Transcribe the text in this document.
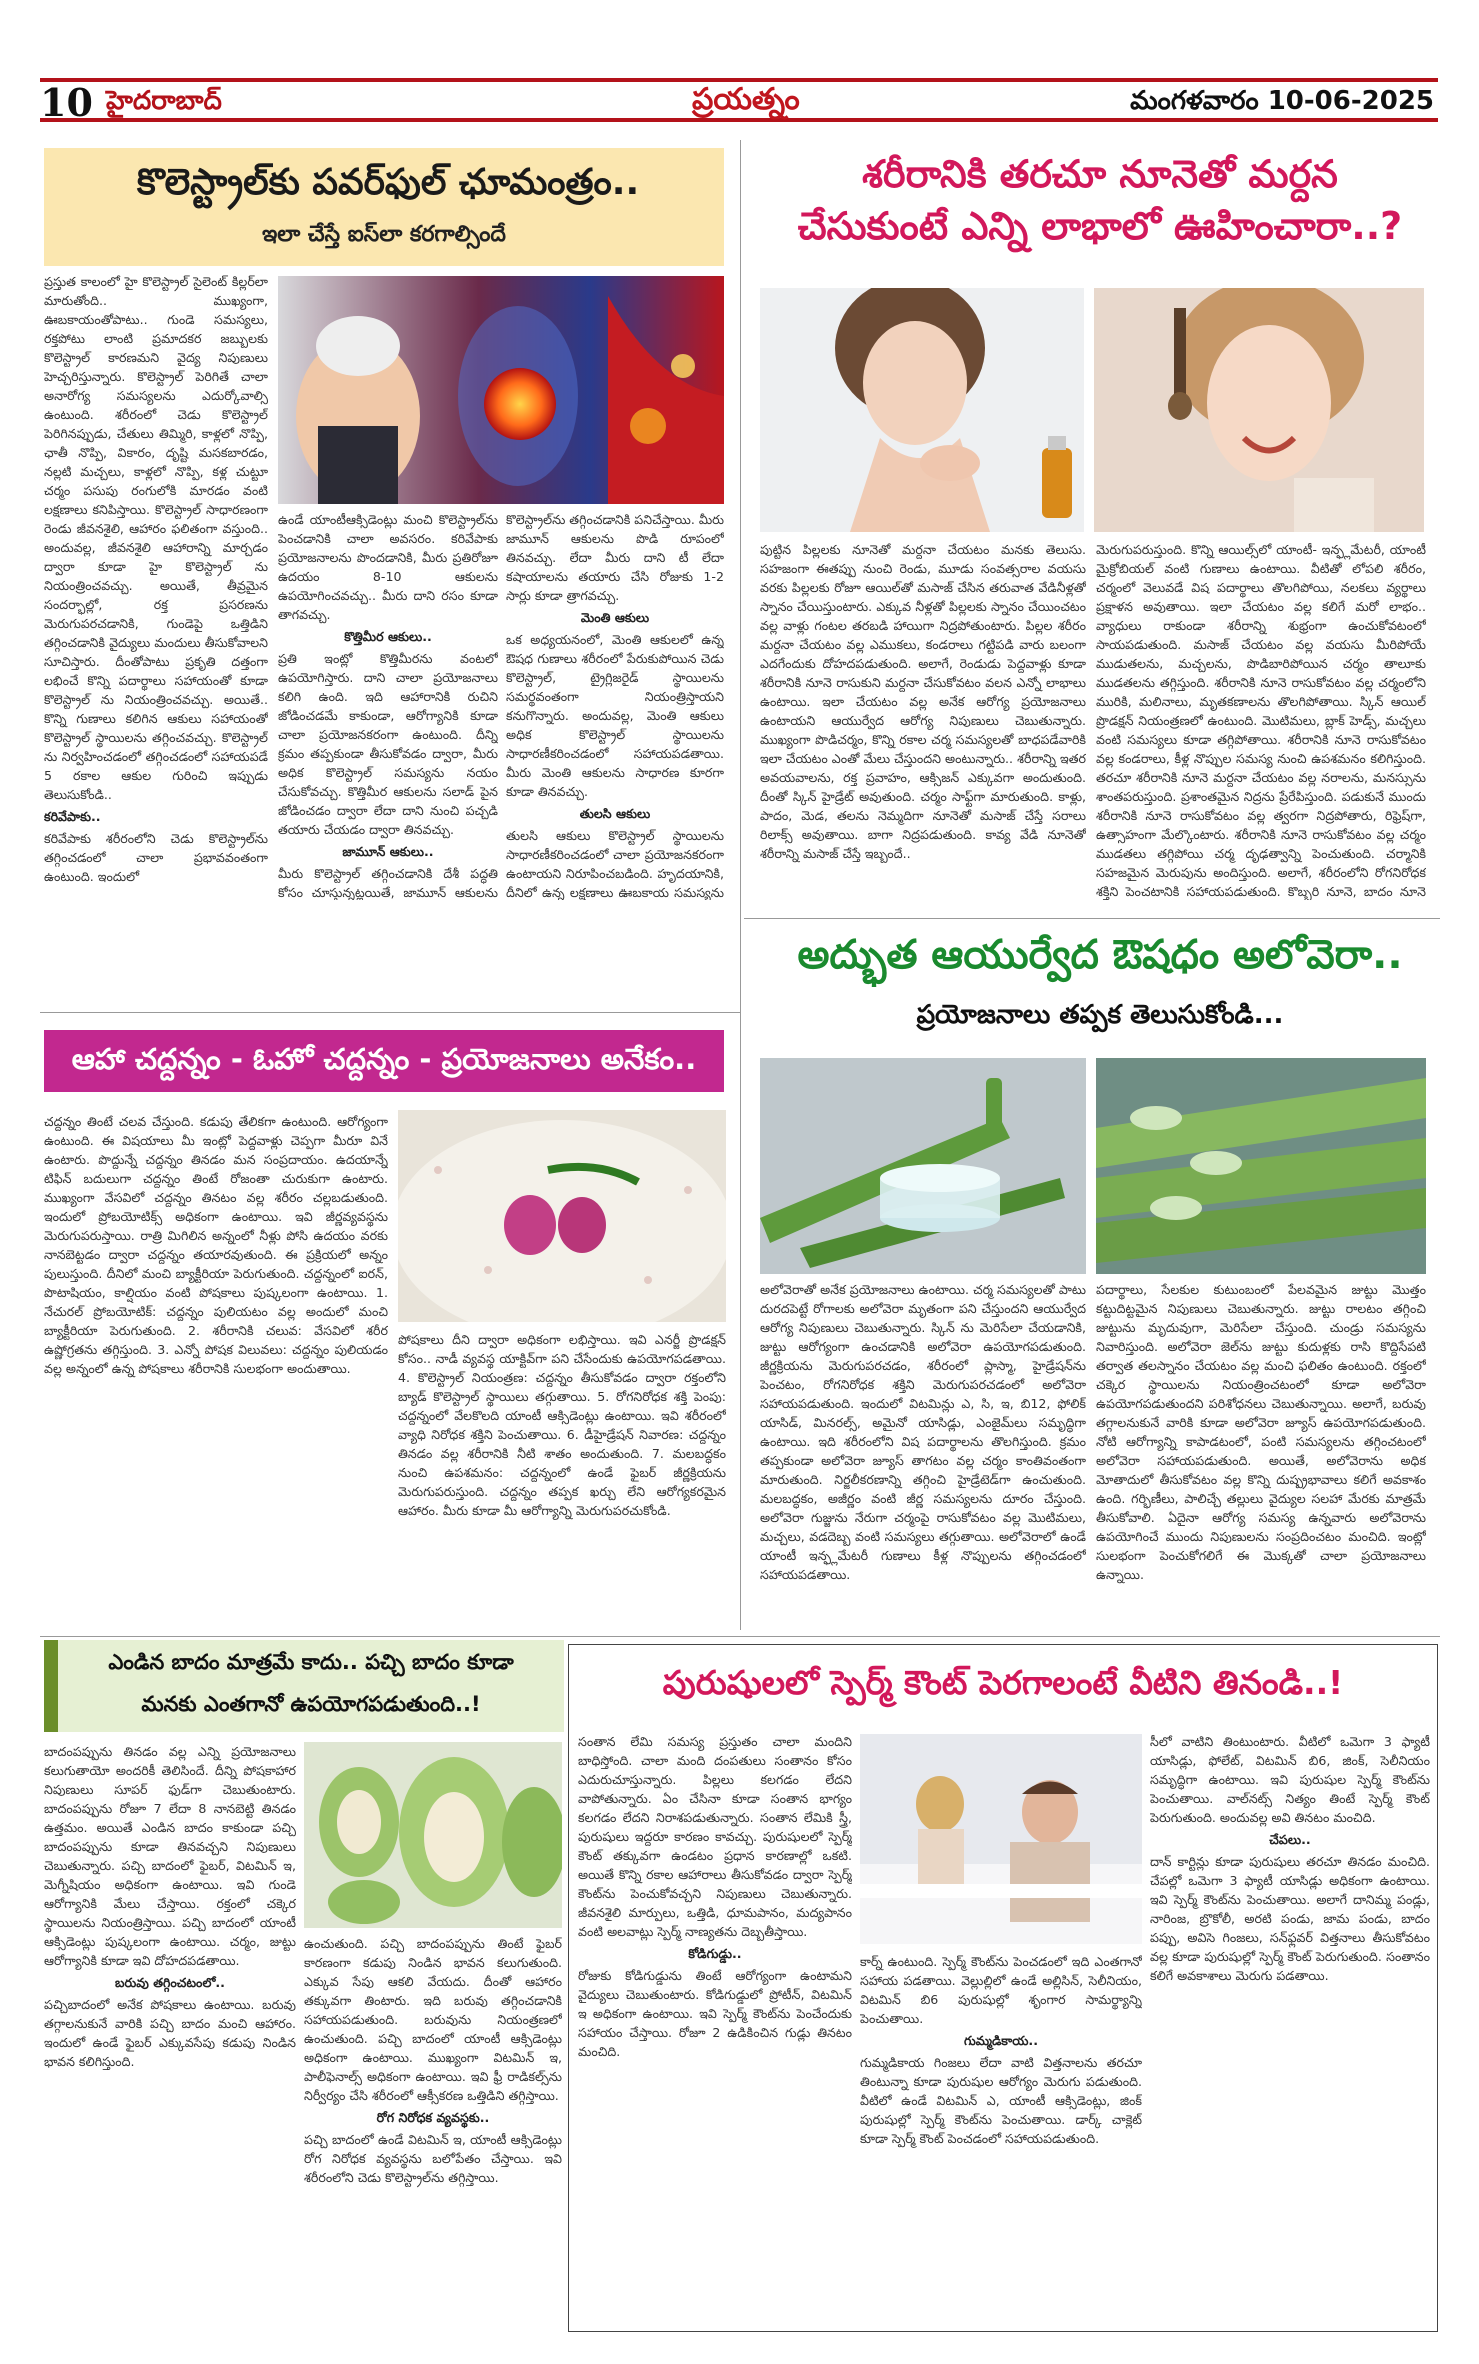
10 హైదరాబాద్	ప్రయత్నం	మంగళవారం 10-06-2025
కొలెస్ట్రాల్‌కు పవర్‌ఫుల్ ఛూమంత్రం..
ఇలా చేస్తే ఐస్‌లా కరగాల్సిందే
ప్రస్తుత కాలంలో హై కొలెస్ట్రాల్ సైలెంట్ కిల్లర్‌లా మారుతోంది.. ముఖ్యంగా, ఊబకాయంతోపాటు.. గుండె సమస్యలు, రక్తపోటు లాంటి ప్రమాదకర జబ్బులకు కొలెస్ట్రాల్ కారణమని వైద్య నిపుణులు హెచ్చరిస్తున్నారు. కొలెస్ట్రాల్ పెరిగితే చాలా అనారోగ్య సమస్యలను ఎదుర్కోవాల్సి ఉంటుంది. శరీరంలో చెడు కొలెస్ట్రాల్ పెరిగినప్పుడు, చేతులు తిమ్మిరి, కాళ్లలో నొప్పి, ఛాతీ నొప్పి, వికారం, దృష్టి మసకబారడం, నల్లటి మచ్చలు, కాళ్లలో నొప్పి, కళ్ల చుట్టూ చర్మం పసుపు రంగులోకి మారడం వంటి లక్షణాలు కనిపిస్తాయి. కొలెస్ట్రాల్ సాధారణంగా రెండు జీవనశైలి, ఆహారం ఫలితంగా వస్తుంది.. అందువల్ల, జీవనశైలి ఆహారాన్ని మార్చడం ద్వారా కూడా హై కొలెస్ట్రాల్ ను నియంత్రించవచ్చు. అయితే, తీవ్రమైన సందర్భాల్లో, రక్త ప్రసరణను మెరుగుపరచడానికి, గుండెపై ఒత్తిడిని తగ్గించడానికి వైద్యులు మందులు తీసుకోవాలని సూచిస్తారు. దీంతోపాటు ప్రకృతి దత్తంగా లభించే కొన్ని పదార్థాలు సహాయంతో కూడా కొలెస్ట్రాల్ ను నియంత్రించవచ్చు. అయితే.. కొన్ని గుణాలు కలిగిన ఆకులు సహాయంతో కొలెస్ట్రాల్ స్థాయిలను తగ్గించవచ్చు. కొలెస్ట్రాల్ ను నిర్వహించడంలో తగ్గించడంలో సహాయపడే 5 రకాల ఆకుల గురించి ఇప్పుడు తెలుసుకోండి..
కరివేపాకు..
కరివేపాకు శరీరంలోని చెడు కొలెస్ట్రాల్‌ను తగ్గించడంలో చాలా ప్రభావవంతంగా ఉంటుంది. ఇందులో
ఉండే యాంటీఆక్సిడెంట్లు మంచి కొలెస్ట్రాల్‌ను పెంచడానికి చాలా అవసరం. కరివేపాకు ప్రయోజనాలను పొందడానికి, మీరు ప్రతిరోజూ ఉదయం 8-10 ఆకులను ఉపయోగించవచ్చు.. మీరు దాని రసం కూడా తాగవచ్చు.
కొత్తిమీర ఆకులు..
ప్రతి ఇంట్లో కొత్తిమీరను వంటలో ఉపయోగిస్తారు. దాని చాలా ప్రయోజనాలు కలిగి ఉంది. ఇది ఆహారానికి రుచిని జోడించడమే కాకుండా, ఆరోగ్యానికి కూడా చాలా ప్రయోజనకరంగా ఉంటుంది. దీన్ని క్రమం తప్పకుండా తీసుకోవడం ద్వారా, మీరు అధిక కొలెస్ట్రాల్ సమస్యను నయం చేసుకోవచ్చు. కొత్తిమీర ఆకులను సలాడ్ పైన జోడించడం ద్వారా లేదా దాని నుంచి పచ్చడి తయారు చేయడం ద్వారా తినవచ్చు.
జామూన్ ఆకులు..
మీరు కొలెస్ట్రాల్ తగ్గించడానికి దేశీ పద్ధతి కోసం చూస్తున్నట్లయితే, జామూన్ ఆకులను
కొలెస్ట్రాల్‌ను తగ్గించడానికి పనిచేస్తాయి. మీరు జామూన్ ఆకులను పొడి రూపంలో తినవచ్చు. లేదా మీరు దాని టీ లేదా కషాయాలను తయారు చేసి రోజుకు 1-2 సార్లు కూడా త్రాగవచ్చు.
మెంతి ఆకులు
ఒక అధ్యయనంలో, మెంతి ఆకులలో ఉన్న ఔషధ గుణాలు శరీరంలో పేరుకుపోయిన చెడు కొలెస్ట్రాల్, ట్రైగ్లిజరైడ్ స్థాయిలను సమర్థవంతంగా నియంత్రిస్తాయని కనుగొన్నారు. అందువల్ల, మెంతి ఆకులు అధిక కొలెస్ట్రాల్ స్థాయిలను సాధారణీకరించడంలో సహాయపడతాయి. మీరు మెంతి ఆకులను సాధారణ కూరగా కూడా తినవచ్చు.
తులసి ఆకులు
తులసి ఆకులు కొలెస్ట్రాల్ స్థాయిలను సాధారణీకరించడంలో చాలా ప్రయోజనకరంగా ఉంటాయని నిరూపించబడింది. హృదయానికి, దీనిలో ఉన్న లక్షణాలు ఊబకాయ సమస్యను
శరీరానికి తరచూ నూనెతో మర్దన
చేసుకుంటే ఎన్ని లాభాలో ఊహించారా..?
పుట్టిన పిల్లలకు నూనెతో మర్దనా చేయటం మనకు తెలుసు. సహజంగా ఈతప్పు నుంచి రెండు, మూడు సంవత్సరాల వయసు వరకు పిల్లలకు రోజూ ఆయిల్‌తో మసాజ్ చేసిన తరువాత వేడినీళ్లతో స్నానం చేయిస్తుంటారు. ఎక్కువ నీళ్లతో పిల్లలకు స్నానం చేయించటం వల్ల వాళ్లు గంటల తరబడి హాయిగా నిద్రపోతుంటారు. పిల్లల శరీరం మర్దనా చేయటం వల్ల ఎముకలు, కండరాలు గట్టిపడి వారు బలంగా ఎదగేందుకు దోహదపడుతుంది. అలాగే, రెండుడు పెద్దవాళ్లు కూడా శరీరానికి నూనె రాసుకుని మర్దనా చేసుకోవటం వలన ఎన్నో లాభాలు ఉంటాయి. ఇలా చేయటం వల్ల అనేక ఆరోగ్య ప్రయోజనాలు ఉంటాయని ఆయుర్వేద ఆరోగ్య నిపుణులు చెబుతున్నారు. ముఖ్యంగా పొడిచర్మం, కొన్ని రకాల చర్మ సమస్యలతో బాధపడేవారికి ఇలా చేయటం ఎంతో మేలు చేస్తుందని అంటున్నారు.. శరీరాన్ని ఇతర అవయవాలను, రక్త ప్రవాహం, ఆక్సిజన్ ఎక్కువగా అందుతుంది. దీంతో స్కిన్ హైడ్రేట్ అవుతుంది. చర్మం సాఫ్ట్‌గా మారుతుంది. కాళ్లు, పాదం, మెడ, తలను నెమ్మదిగా నూనెతో మసాజ్ చేస్తే సరాలు రిలాక్స్ అవుతాయి. బాగా నిద్రపడుతుంది. కావ్య వేడి నూనెతో శరీరాన్ని మసాజ్ చేస్తే ఇబ్బందే..
మెరుగుపరుస్తుంది. కొన్ని ఆయిల్స్‌లో యాంటీ- ఇన్ఫ్లమేటరీ, యాంటీ మైక్రోబియల్ వంటి గుణాలు ఉంటాయి. వీటితో లోపలి శరీరం, చర్మంలో వెలువడే విష పదార్థాలు తొలగిపోయి, నలకలు వ్యర్థాలు ప్రక్షాళన అవుతాయి. ఇలా చేయటం వల్ల కలిగే మరో లాభం.. వ్యాధులు రాకుండా శరీరాన్ని శుభ్రంగా ఉంచుకోవటంలో సాయపడుతుంది. మసాజ్ చేయటం వల్ల వయసు మీరిపోయే ముడుతలను, మచ్చలను, పొడిబారిపోయిన చర్మం తాలూకు ముడతలను తగ్గిస్తుంది. శరీరానికి నూనె రాసుకోవటం వల్ల చర్మంలోని మురికి, మలినాలు, మృతకణాలను తొలగిపోతాయి. స్కిన్ ఆయిల్ ప్రొడక్షన్ నియంత్రణలో ఉంటుంది. మొటిమలు, బ్లాక్ హెడ్స్, మచ్చలు వంటి సమస్యలు కూడా తగ్గిపోతాయి. శరీరానికి నూనె రాసుకోవటం వల్ల కండరాలు, కీళ్ల నొప్పుల సమస్య నుంచి ఉపశమనం కలిగిస్తుంది. తరచూ శరీరానికి నూనె మర్దనా చేయటం వల్ల నరాలను, మనస్సును శాంతపరుస్తుంది. ప్రశాంతమైన నిద్రను ప్రేరేపిస్తుంది. పడుకునే ముందు శరీరానికి నూనె రాసుకోవటం వల్ల త్వరగా నిద్రపోతారు, రిఫ్రెష్‌గా, ఉత్సాహంగా మేల్కొంటారు. శరీరానికి నూనె రాసుకోవటం వల్ల చర్మం ముడతలు తగ్గిపోయి చర్మ దృఢత్వాన్ని పెంచుతుంది. చర్మానికి సహజమైన మెరుపును అందిస్తుంది. అలాగే, శరీరంలోని రోగనిరోధక శక్తిని పెంచటానికి సహాయపడుతుంది. కొబ్బరి నూనె, బాదం నూనె
అద్భుత ఆయుర్వేద ఔషధం అలోవెరా..
ప్రయోజనాలు తప్పక తెలుసుకోండి...
అలోవెరాతో అనేక ప్రయోజనాలు ఉంటాయి. చర్మ సమస్యలతో పాటు దురదపెట్టే రోగాలకు అలోవెరా మృతంగా పని చేస్తుందని ఆయుర్వేద ఆరోగ్య నిపుణులు చెబుతున్నారు. స్కిన్ ను మెరిసేలా చేయడానికి, జుట్టు ఆరోగ్యంగా ఉంచడానికి అలోవెరా ఉపయోగపడుతుంది. జీర్ణక్రియను మెరుగుపరచడం, శరీరంలో ప్లాస్మా, హైడ్రేషన్‌ను పెంచటం, రోగనిరోధక శక్తిని మెరుగుపరచడంలో అలోవెరా సహాయపడుతుంది. ఇందులో విటమిన్లు ఎ, సి, ఇ, బి12, ఫోలిక్ యాసిడ్, మినరల్స్, అమైనో యాసిడ్లు, ఎంజైమ్‌లు సమృద్ధిగా ఉంటాయి. ఇది శరీరంలోని విష పదార్థాలను తొలగిస్తుంది. క్రమం తప్పకుండా అలోవెరా జ్యూస్ తాగటం వల్ల చర్మం కాంతివంతంగా మారుతుంది. నిర్జలీకరణాన్ని తగ్గించి హైడ్రేటెడ్‌గా ఉంచుతుంది. మలబద్ధకం, అజీర్ణం వంటి జీర్ణ సమస్యలను దూరం చేస్తుంది. అలోవెరా గుజ్జును నేరుగా చర్మంపై రాసుకోవటం వల్ల మొటిమలు, మచ్చలు, వడదెబ్బ వంటి సమస్యలు తగ్గుతాయి. అలోవెరాలో ఉండే యాంటీ ఇన్ఫ్లమేటరీ గుణాలు కీళ్ల నొప్పులను తగ్గించడంలో సహాయపడతాయి.
పదార్థాలు, సేలకుల కుటుంబంలో పేలవమైన జుట్టు మొత్తం కట్టుదిట్టమైన నిపుణులు చెబుతున్నారు. జుట్టు రాలటం తగ్గించి జుట్టును మృదువుగా, మెరిసేలా చేస్తుంది. చుండ్రు సమస్యను నివారిస్తుంది. అలోవెరా జెల్‌ను జుట్టు కుదుళ్లకు రాసి కొద్దిసేపటి తర్వాత తలస్నానం చేయటం వల్ల మంచి ఫలితం ఉంటుంది. రక్తంలో చక్కెర స్థాయిలను నియంత్రించటంలో కూడా అలోవెరా ఉపయోగపడుతుందని పరిశోధనలు చెబుతున్నాయి. అలాగే, బరువు తగ్గాలనుకునే వారికి కూడా అలోవెరా జ్యూస్ ఉపయోగపడుతుంది. నోటి ఆరోగ్యాన్ని కాపాడటంలో, పంటి సమస్యలను తగ్గించటంలో అలోవెరా సహాయపడుతుంది. అయితే, అలోవెరాను అధిక మోతాదులో తీసుకోవటం వల్ల కొన్ని దుష్ప్రభావాలు కలిగే అవకాశం ఉంది. గర్భిణీలు, పాలిచ్చే తల్లులు వైద్యుల సలహా మేరకు మాత్రమే తీసుకోవాలి. ఏదైనా ఆరోగ్య సమస్య ఉన్నవారు అలోవెరాను ఉపయోగించే ముందు నిపుణులను సంప్రదించటం మంచిది. ఇంట్లో సులభంగా పెంచుకోగలిగే ఈ మొక్కతో చాలా ప్రయోజనాలు ఉన్నాయి.
ఆహా చద్దన్నం - ఓహో చద్దన్నం - ప్రయోజనాలు అనేకం..
చద్దన్నం తింటే చలవ చేస్తుంది. కడుపు తేలికగా ఉంటుంది. ఆరోగ్యంగా ఉంటుంది. ఈ విషయాలు మీ ఇంట్లో పెద్దవాళ్లు చెప్పగా మీరూ వినే ఉంటారు. పొద్దున్నే చద్దన్నం తినడం మన సంప్రదాయం. ఉదయాన్నే టిఫిన్ బదులుగా చద్దన్నం తింటే రోజంతా చురుకుగా ఉంటారు. ముఖ్యంగా వేసవిలో చద్దన్నం తినటం వల్ల శరీరం చల్లబడుతుంది. ఇందులో ప్రోబయోటిక్స్ అధికంగా ఉంటాయి. ఇవి జీర్ణవ్యవస్థను మెరుగుపరుస్తాయి. రాత్రి మిగిలిన అన్నంలో నీళ్లు పోసి ఉదయం వరకు నానబెట్టడం ద్వారా చద్దన్నం తయారవుతుంది. ఈ ప్రక్రియలో అన్నం పులుస్తుంది. దీనిలో మంచి బ్యాక్టీరియా పెరుగుతుంది. చద్దన్నంలో ఐరన్, పొటాషియం, కాల్షియం వంటి పోషకాలు పుష్కలంగా ఉంటాయి. 1. నేచురల్ ప్రోబయోటిక్: చద్దన్నం పులియటం వల్ల అందులో మంచి బ్యాక్టీరియా పెరుగుతుంది. 2. శరీరానికి చలువ: వేసవిలో శరీర ఉష్ణోగ్రతను తగ్గిస్తుంది. 3. ఎన్నో పోషక విలువలు: చద్దన్నం పులియడం వల్ల అన్నంలో ఉన్న పోషకాలు శరీరానికి సులభంగా అందుతాయి.
పోషకాలు దీని ద్వారా అధికంగా లభిస్తాయి. ఇవి ఎనర్జీ ప్రొడక్షన్ కోసం.. నాడీ వ్యవస్థ యాక్టివ్‌గా పని చేసేందుకు ఉపయోగపడతాయి. 4. కొలెస్ట్రాల్ నియంత్రణ: చద్దన్నం తీసుకోవడం ద్వారా రక్తంలోని బ్యాడ్ కొలెస్ట్రాల్ స్థాయిలు తగ్గుతాయి. 5. రోగనిరోధక శక్తి పెంపు: చద్దన్నంలో వేలకొలది యాంటీ ఆక్సిడెంట్లు ఉంటాయి. ఇవి శరీరంలో వ్యాధి నిరోధక శక్తిని పెంచుతాయి. 6. డీహైడ్రేషన్ నివారణ: చద్దన్నం తినడం వల్ల శరీరానికి నీటి శాతం అందుతుంది. 7. మలబద్ధకం నుంచి ఉపశమనం: చద్దన్నంలో ఉండే ఫైబర్ జీర్ణక్రియను మెరుగుపరుస్తుంది. చద్దన్నం తప్పక ఖర్చు లేని ఆరోగ్యకరమైన ఆహారం. మీరు కూడా మీ ఆరోగ్యాన్ని మెరుగుపరచుకోండి.
ఎండిన బాదం మాత్రమే కాదు.. పచ్చి బాదం కూడా
మనకు ఎంతగానో ఉపయోగపడుతుంది..!
బాదంపప్పును తినడం వల్ల ఎన్ని ప్రయోజనాలు కలుగుతాయో అందరికీ తెలిసిందే. దీన్ని పోషకాహార నిపుణులు సూపర్ ఫుడ్‌గా చెబుతుంటారు. బాదంపప్పును రోజూ 7 లేదా 8 నానబెట్టి తినడం ఉత్తమం. అయితే ఎండిన బాదం కాకుండా పచ్చి బాదంపప్పును కూడా తినవచ్చని నిపుణులు చెబుతున్నారు. పచ్చి బాదంలో ఫైబర్, విటమిన్ ఇ, మెగ్నీషియం అధికంగా ఉంటాయి. ఇవి గుండె ఆరోగ్యానికి మేలు చేస్తాయి. రక్తంలో చక్కెర స్థాయిలను నియంత్రిస్తాయి. పచ్చి బాదంలో యాంటీ ఆక్సిడెంట్లు పుష్కలంగా ఉంటాయి. చర్మం, జుట్టు ఆరోగ్యానికి కూడా ఇవి దోహదపడతాయి.
బరువు తగ్గించటంలో..
పచ్చిబాదంలో అనేక పోషకాలు ఉంటాయి. బరువు తగ్గాలనుకునే వారికి పచ్చి బాదం మంచి ఆహారం. ఇందులో ఉండే ఫైబర్ ఎక్కువసేపు కడుపు నిండిన భావన కలిగిస్తుంది.
ఉంచుతుంది. పచ్చి బాదంపప్పును తింటే ఫైబర్ కారణంగా కడుపు నిండిన భావన కలుగుతుంది. ఎక్కువ సేపు ఆకలి వేయదు. దీంతో ఆహారం తక్కువగా తింటారు. ఇది బరువు తగ్గించడానికి సహాయపడుతుంది. బరువును నియంత్రణలో ఉంచుతుంది. పచ్చి బాదంలో యాంటీ ఆక్సిడెంట్లు అధికంగా ఉంటాయి. ముఖ్యంగా విటమిన్ ఇ, పాలీఫెనాల్స్ అధికంగా ఉంటాయి. ఇవి ఫ్రీ రాడికల్స్‌ను నిర్వీర్యం చేసి శరీరంలో ఆక్సీకరణ ఒత్తిడిని తగ్గిస్తాయి.
రోగ నిరోధక వ్యవస్థకు..
పచ్చి బాదంలో ఉండే విటమిన్ ఇ, యాంటీ ఆక్సిడెంట్లు రోగ నిరోధక వ్యవస్థను బలోపేతం చేస్తాయి. ఇవి శరీరంలోని చెడు కొలెస్ట్రాల్‌ను తగ్గిస్తాయి.
పురుషులలో స్పెర్మ్ కౌంట్ పెరగాలంటే వీటిని తినండి..!
సంతాన లేమి సమస్య ప్రస్తుతం చాలా మందిని బాధిస్తోంది. చాలా మంది దంపతులు సంతానం కోసం ఎదురుచూస్తున్నారు. పిల్లలు కలగడం లేదని వాపోతున్నారు. ఏం చేసినా కూడా సంతాన భాగ్యం కలగడం లేదని నిరాశపడుతున్నారు. సంతాన లేమికి స్త్రీ, పురుషులు ఇద్దరూ కారణం కావచ్చు. పురుషులలో స్పెర్మ్ కౌంట్ తక్కువగా ఉండటం ప్రధాన కారణాల్లో ఒకటి. అయితే కొన్ని రకాల ఆహారాలు తీసుకోవడం ద్వారా స్పెర్మ్ కౌంట్‌ను పెంచుకోవచ్చని నిపుణులు చెబుతున్నారు. జీవనశైలి మార్పులు, ఒత్తిడి, ధూమపానం, మద్యపానం వంటి అలవాట్లు స్పెర్మ్ నాణ్యతను దెబ్బతీస్తాయి.
కోడిగుడ్డు..
రోజుకు కోడిగుడ్డును తింటే ఆరోగ్యంగా ఉంటామని వైద్యులు చెబుతుంటారు. కోడిగుడ్డులో ప్రోటీన్, విటమిన్ ఇ అధికంగా ఉంటాయి. ఇవి స్పెర్మ్ కౌంట్‌ను పెంచేందుకు సహాయం చేస్తాయి. రోజూ 2 ఉడికించిన గుడ్లు తినటం మంచిది.
కార్న్ ఉంటుంది. స్పెర్మ్ కౌంట్‌ను పెంచడంలో ఇది ఎంతగానో సహాయ పడతాయి. వెల్లుల్లిలో ఉండే అల్లిసిన్, సెలీనియం, విటమిన్ బి6 పురుషుల్లో శృంగార సామర్థ్యాన్ని పెంచుతాయి.
గుమ్మడికాయ..
గుమ్మడికాయ గింజలు లేదా వాటి విత్తనాలను తరచూ తింటున్నా కూడా పురుషుల ఆరోగ్యం మెరుగు పడుతుంది. వీటిలో ఉండే విటమిన్ ఎ, యాంటీ ఆక్సిడెంట్లు, జింక్ పురుషుల్లో స్పెర్మ్ కౌంట్‌ను పెంచుతాయి. డార్క్ చాక్లెట్ కూడా స్పెర్మ్ కౌంట్ పెంచడంలో సహాయపడుతుంది.
సీలో వాటిని తింటుంటారు. వీటిలో ఒమెగా 3 ఫ్యాటీ యాసిడ్లు, ఫోలేట్, విటమిన్ బి6, జింక్, సెలీనియం సమృద్ధిగా ఉంటాయి. ఇవి పురుషుల స్పెర్మ్ కౌంట్‌ను పెంచుతాయి. వాల్‌నట్స్ నిత్యం తింటే స్పెర్మ్ కౌంట్ పెరుగుతుంది. అందువల్ల అవి తినటం మంచిది.
చేపలు..
దాన్ కార్టిన్లు కూడా పురుషులు తరచూ తినడం మంచిది. చేపల్లో ఒమెగా 3 ఫ్యాటీ యాసిడ్లు అధికంగా ఉంటాయి. ఇవి స్పెర్మ్ కౌంట్‌ను పెంచుతాయి. అలాగే దానిమ్మ పండ్లు, నారింజ, బ్రొకోలీ, అరటి పండు, జామ పండు, బాదం పప్పు, అవిసె గింజలు, సన్‌ఫ్లవర్ విత్తనాలు తీసుకోవటం వల్ల కూడా పురుషుల్లో స్పెర్మ్ కౌంట్ పెరుగుతుంది. సంతానం కలిగే అవకాశాలు మెరుగు పడతాయి.
